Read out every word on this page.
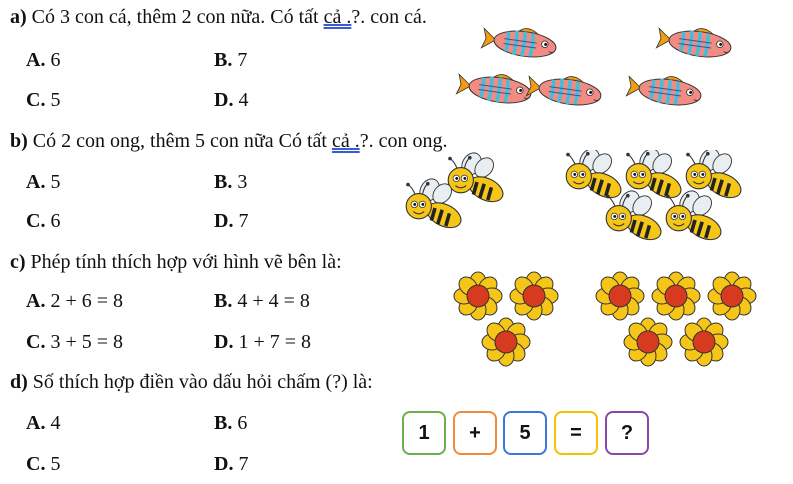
a) Có 3 con cá, thêm 2 con nữa. Có tất cả .?. con cá.
A. 6	B. 7
C. 5	D. 4
b) Có 2 con ong, thêm 5 con nữa Có tất cả .?. con ong.
A. 5	B. 3
C. 6	D. 7
c) Phép tính thích hợp với hình vẽ bên là:
A. 2 + 6 = 8	B. 4 + 4 = 8
C. 3 + 5 = 8	D. 1 + 7 = 8
d) Số thích hợp điền vào dấu hỏi chấm (?) là:
A. 4	B. 6
C. 5	D. 7
1	+	5	=	?
